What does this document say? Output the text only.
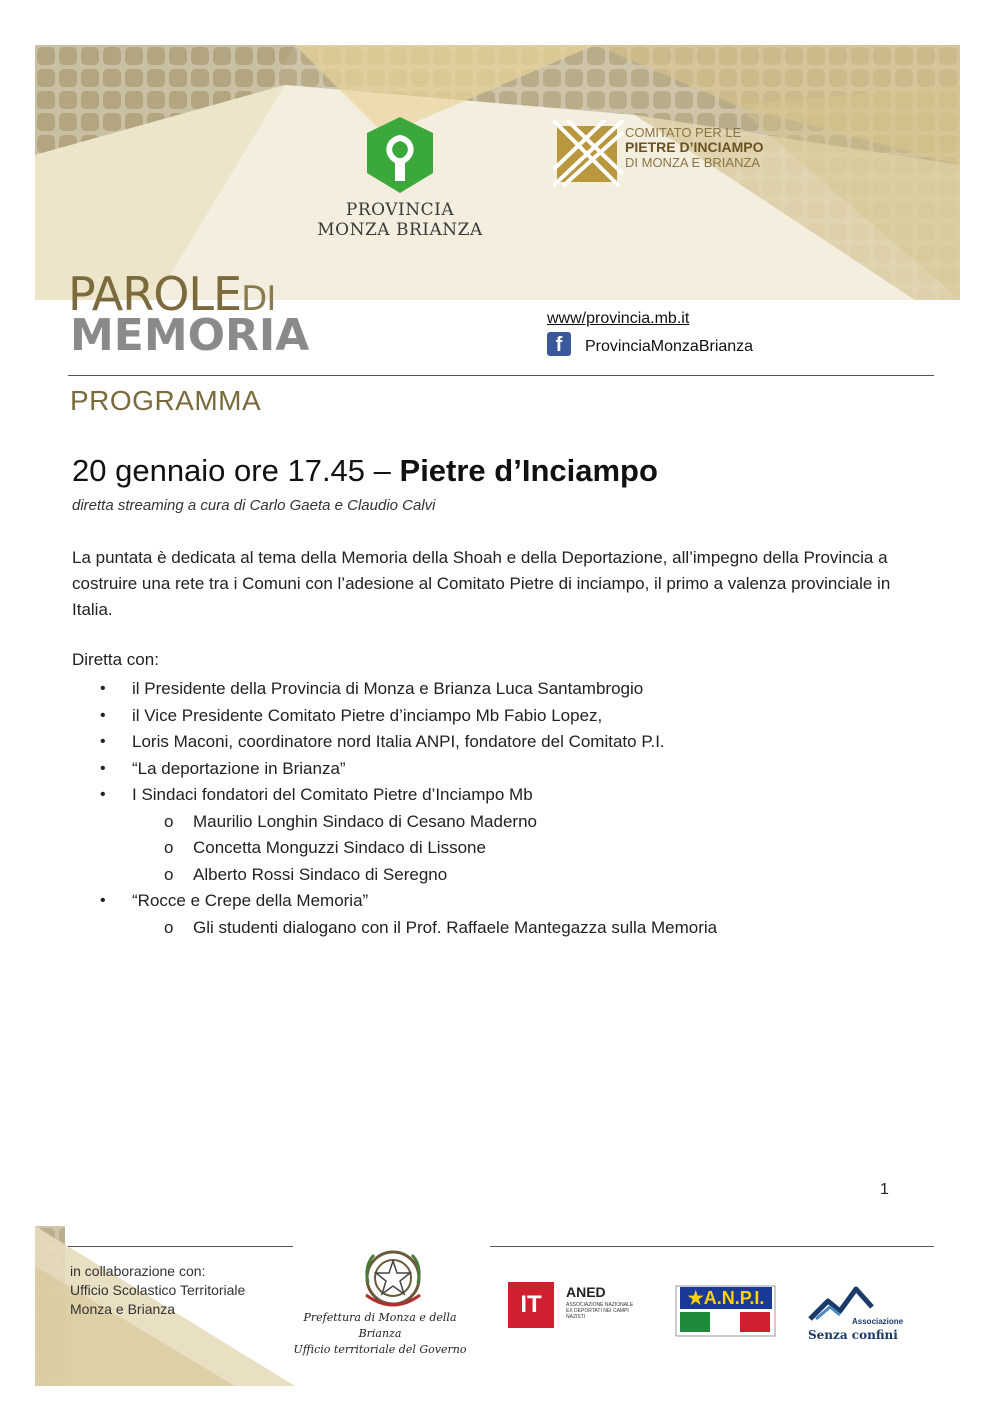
PROVINCIA
MONZA BRIANZA
COMITATO PER LE
PIETRE D’INCIAMPO
DI MONZA E BRIANZA
PAROLEDI
MEMORIA	www/provincia.mb.it
f	ProvinciaMonzaBrianza
PROGRAMMA
20 gennaio ore 17.45 – Pietre d’Inciampo
diretta streaming a cura di Carlo Gaeta e Claudio Calvi
La puntata è dedicata al tema della Memoria della Shoah e della Deportazione, all’impegno della Provincia a costruire una rete tra i Comuni con l’adesione al Comitato Pietre di inciampo, il primo a valenza provinciale in Italia.
Diretta con:
• il Presidente della Provincia di Monza e Brianza Luca Santambrogio
• il Vice Presidente Comitato Pietre d’inciampo Mb Fabio Lopez,
• Loris Maconi, coordinatore nord Italia ANPI, fondatore del Comitato P.I.
• “La deportazione in Brianza”
• I Sindaci fondatori del Comitato Pietre d’Inciampo Mb
o Maurilio Longhin Sindaco di Cesano Maderno
o Concetta Monguzzi Sindaco di Lissone
o Alberto Rossi Sindaco di Seregno
• “Rocce e Crepe della Memoria”
o Gli studenti dialogano con il Prof. Raffaele Mantegazza sulla Memoria
1
in collaborazione con:
Ufficio Scolastico Territoriale
Monza e Brianza
Prefettura di Monza e della Brianza
Ufficio territoriale del Governo
IT	ANED
ASSOCIAZIONE NAZIONALE EX DEPORTATI NEI CAMPI NAZISTI
★A.N.P.I.
Associazione
Senza confini
